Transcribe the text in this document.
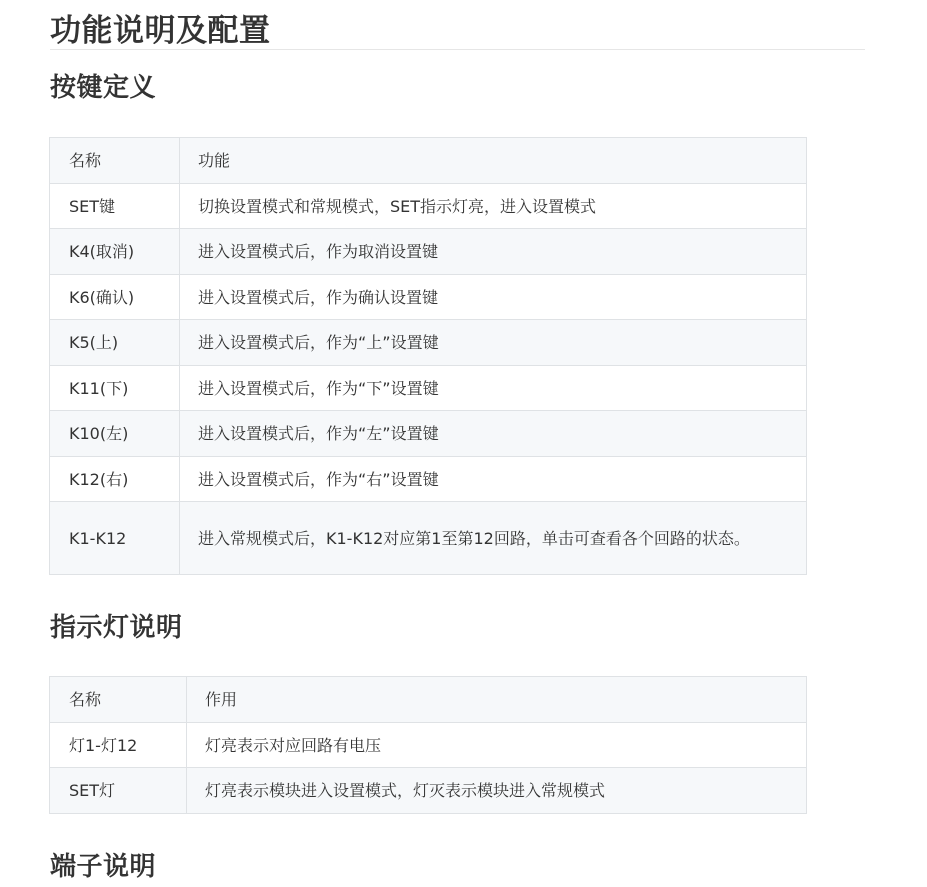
功能说明及配置
按键定义
名称	功能
SET键	切换设置模式和常规模式，SET指示灯亮，进入设置模式
K4(取消)	进入设置模式后，作为取消设置键
K6(确认)	进入设置模式后，作为确认设置键
K5(上)	进入设置模式后，作为“上”设置键
K11(下)	进入设置模式后，作为“下”设置键
K10(左)	进入设置模式后，作为“左”设置键
K12(右)	进入设置模式后，作为“右”设置键
K1-K12	进入常规模式后，K1-K12对应第1至第12回路，单击可查看各个回路的状态。
指示灯说明
名称	作用
灯1-灯12	灯亮表示对应回路有电压
SET灯	灯亮表示模块进入设置模式，灯灭表示模块进入常规模式
端子说明
